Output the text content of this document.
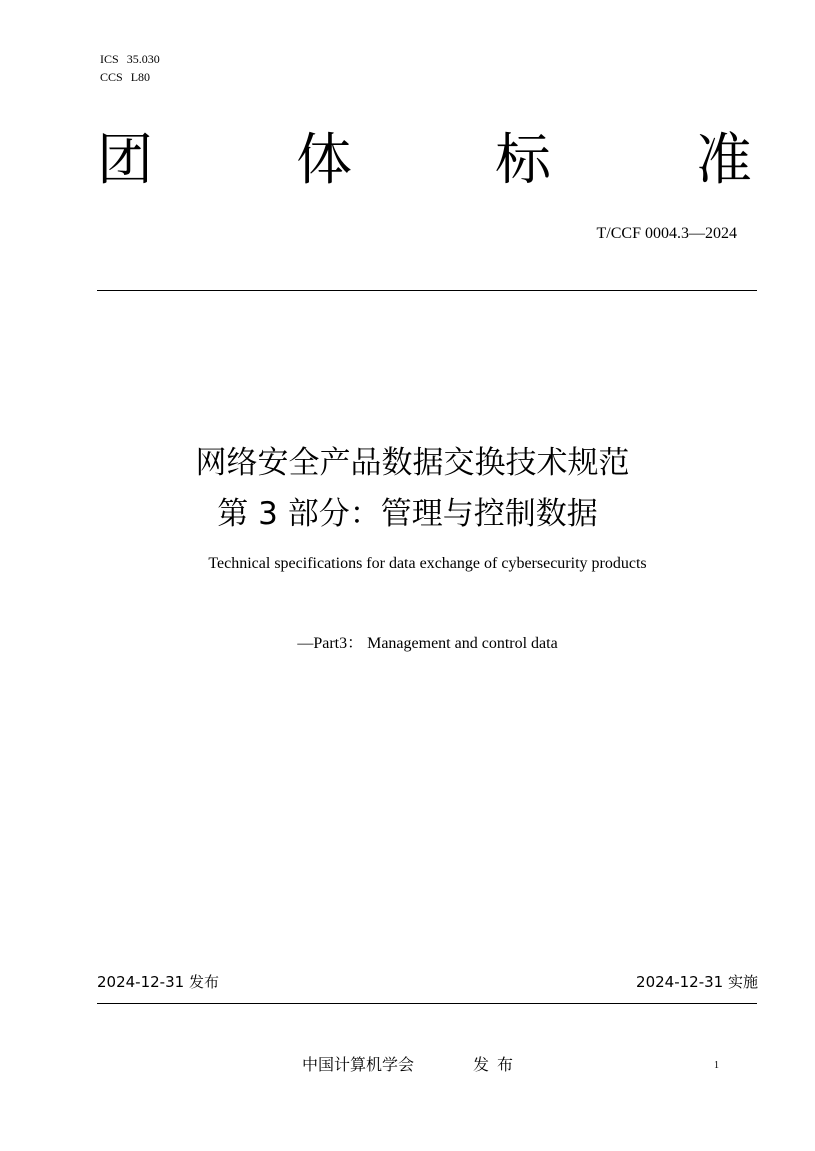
ICS 35.030
CCS L80
团	体	标	准
T/CCF 0004.3—2024
网络安全产品数据交换技术规范
第 3 部分：管理与控制数据
Technical specifications for data exchange of cybersecurity products
—Part3： Management and control data
2024-12-31 发布	2024-12-31 实施
中国计算机学会	发布	1
